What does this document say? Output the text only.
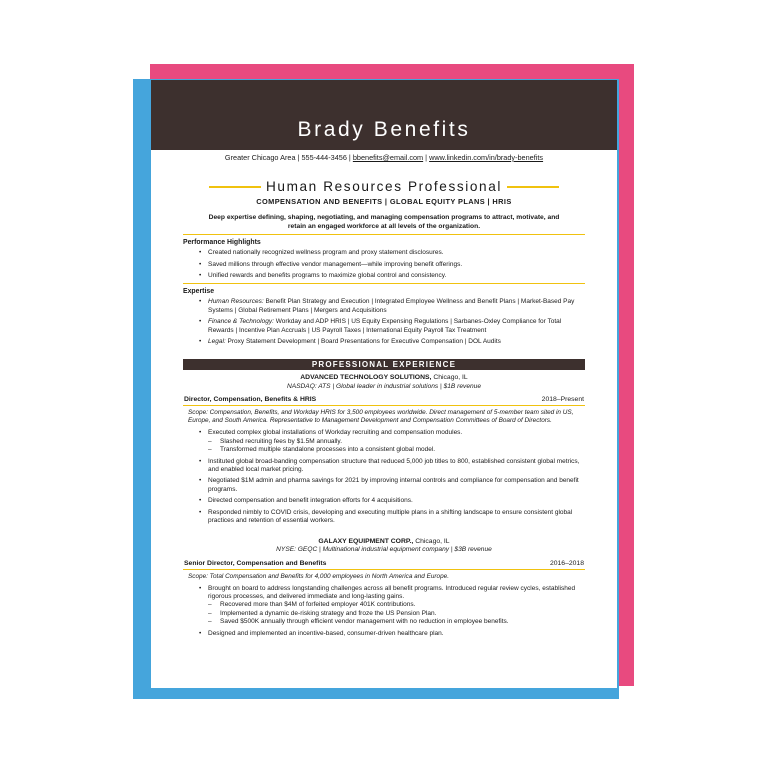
Brady Benefits
Greater Chicago Area | 555-444-3456 | bbenefits@email.com | www.linkedin.com/in/brady-benefits
Human Resources Professional
COMPENSATION AND BENEFITS | GLOBAL EQUITY PLANS | HRIS
Deep expertise defining, shaping, negotiating, and managing compensation programs to attract, motivate, and retain an engaged workforce at all levels of the organization.
Performance Highlights
• Created nationally recognized wellness program and proxy statement disclosures.
• Saved millions through effective vendor management—while improving benefit offerings.
• Unified rewards and benefits programs to maximize global control and consistency.
Expertise
• Human Resources: Benefit Plan Strategy and Execution | Integrated Employee Wellness and Benefit Plans | Market-Based Pay Systems | Global Retirement Plans | Mergers and Acquisitions
• Finance & Technology: Workday and ADP HRIS | US Equity Expensing Regulations | Sarbanes-Oxley Compliance for Total Rewards | Incentive Plan Accruals | US Payroll Taxes | International Equity Payroll Tax Treatment
• Legal: Proxy Statement Development | Board Presentations for Executive Compensation | DOL Audits
PROFESSIONAL EXPERIENCE
ADVANCED TECHNOLOGY SOLUTIONS, Chicago, IL
NASDAQ: ATS | Global leader in industrial solutions | $1B revenue
Director, Compensation, Benefits & HRIS	2018–Present
Scope: Compensation, Benefits, and Workday HRIS for 3,500 employees worldwide. Direct management of 5-member team sited in US, Europe, and South America. Representative to Management Development and Compensation Committees of Board of Directors.
• Executed complex global installations of Workday recruiting and compensation modules.
– Slashed recruiting fees by $1.5M annually.
– Transformed multiple standalone processes into a consistent global model.
• Instituted global broad-banding compensation structure that reduced 5,000 job titles to 800, established consistent global metrics, and enabled local market pricing.
• Negotiated $1M admin and pharma savings for 2021 by improving internal controls and compliance for compensation and benefit programs.
• Directed compensation and benefit integration efforts for 4 acquisitions.
• Responded nimbly to COVID crisis, developing and executing multiple plans in a shifting landscape to ensure consistent global practices and retention of essential workers.
GALAXY EQUIPMENT CORP., Chicago, IL
NYSE: GEQC | Multinational industrial equipment company | $3B revenue
Senior Director, Compensation and Benefits	2016–2018
Scope: Total Compensation and Benefits for 4,000 employees in North America and Europe.
• Brought on board to address longstanding challenges across all benefit programs. Introduced regular review cycles, established rigorous processes, and delivered immediate and long-lasting gains.
– Recovered more than $4M of forfeited employer 401K contributions.
– Implemented a dynamic de-risking strategy and froze the US Pension Plan.
– Saved $500K annually through efficient vendor management with no reduction in employee benefits.
• Designed and implemented an incentive-based, consumer-driven healthcare plan.
